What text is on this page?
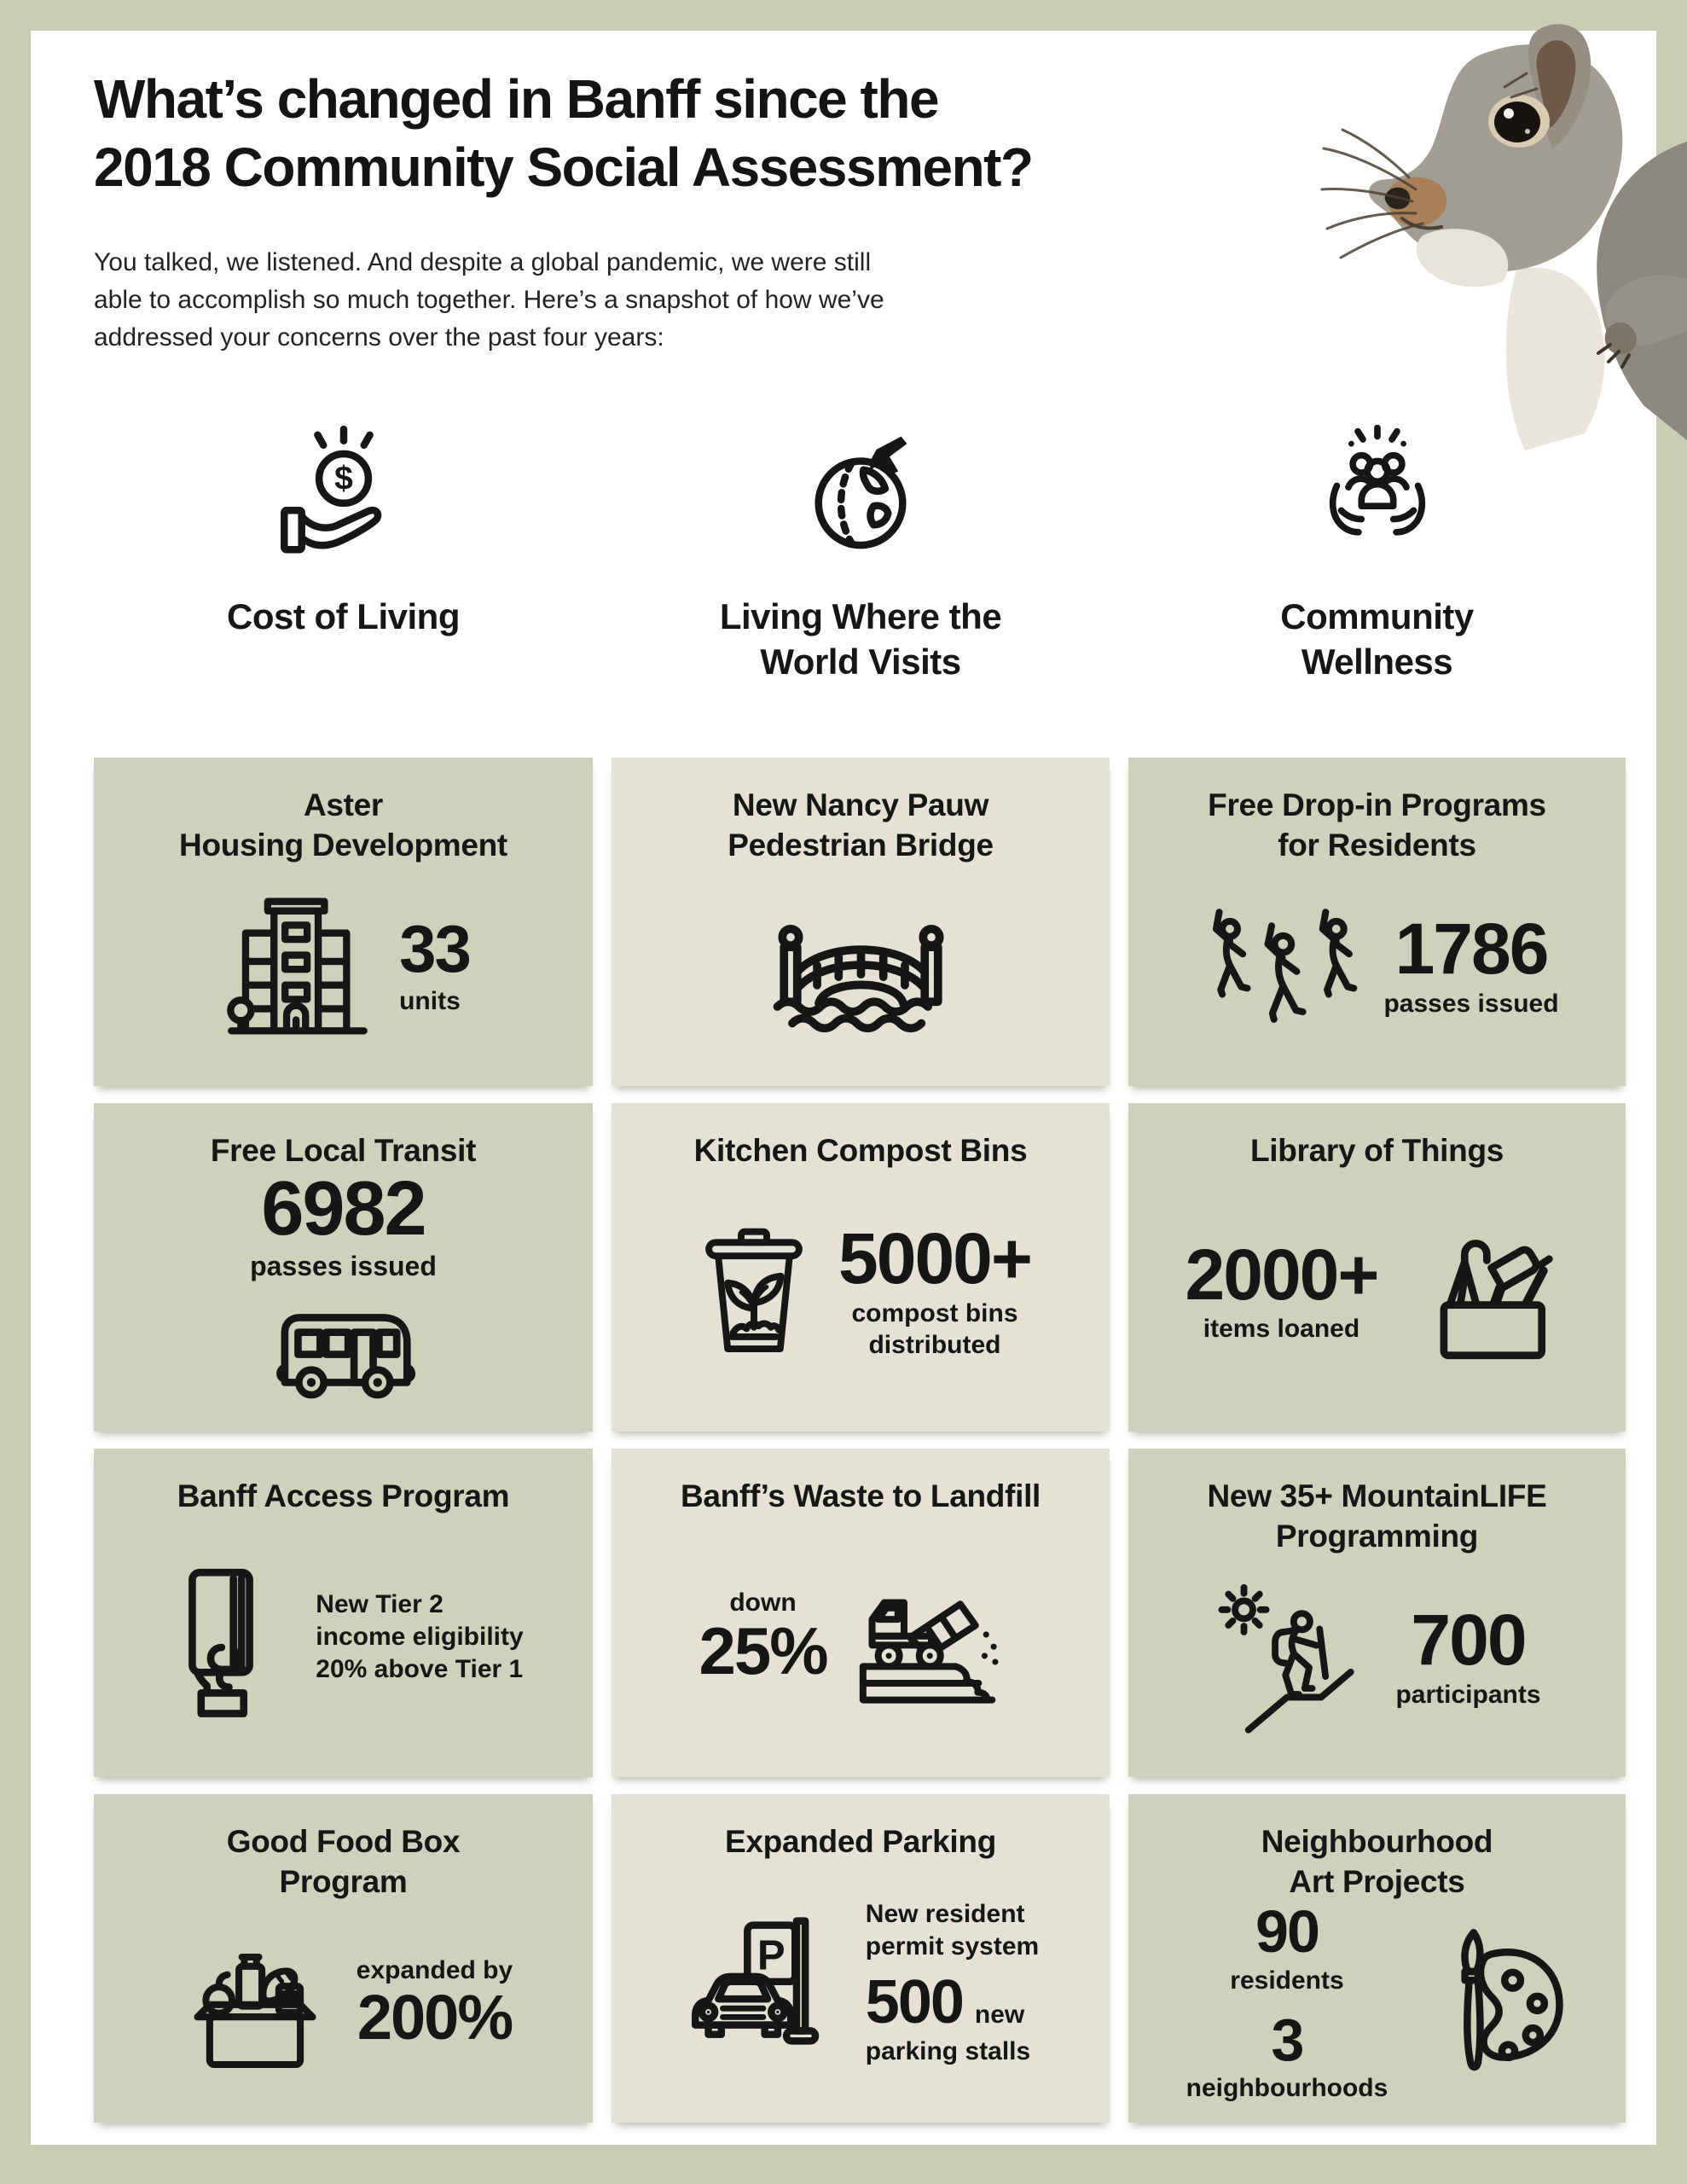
What’s changed in Banff since the
2018 Community Social Assessment?

You talked, we listened. And despite a global pandemic, we were still
able to accomplish so much together. Here’s a snapshot of how we’ve
addressed your concerns over the past four years:

$
Cost of Living	Living Where the
World Visits
Community
Wellness
Aster
Housing Development
33
units
New Nancy Pauw
Pedestrian Bridge
Free Drop-in Programs
for Residents
1786
passes issued
Free Local Transit
6982
passes issued
Kitchen Compost Bins
5000+
compost bins
distributed
Library of Things
2000+
items loaned
Banff Access Program
New Tier 2
income eligibility
20% above Tier 1
Banff’s Waste to Landfill
down
25%
New 35+ MountainLIFE
Programming
700
participants
Good Food Box
Program
expanded by
200%
Expanded Parking
P
New resident
permit system
500 new
parking stalls
Neighbourhood
Art Projects
90
residents
3
neighbourhoods
